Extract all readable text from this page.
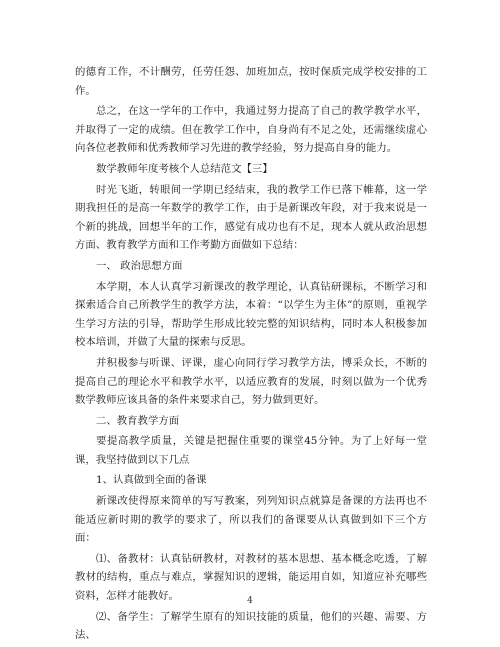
的德育工作，不计酬劳，任劳任怨、加班加点，按时保质完成学校安排的工作。

总之，在这一学年的工作中，我通过努力提高了自己的教学教学水平，并取得了一定的成绩。但在教学工作中，自身尚有不足之处，还需继续虚心向各位老教师和优秀教师学习先进的教学经验，努力提高自身的能力。

数学教师年度考核个人总结范文【三】

时光飞逝，转眼间一学期已经结束，我的教学工作已落下帷幕，这一学期我担任的是高一年数学的教学工作，由于是新课改年段，对于我来说是一个新的挑战，回想半年的工作，感觉有成功也有不足，现本人就从政治思想方面、教育教学方面和工作考勤方面做如下总结：

一、 政治思想方面

本学期，本人认真学习新课改的教学理论，认真钻研课标，不断学习和探索适合自己所教学生的教学方法，本着：“以学生为主体”的原则，重视学生学习方法的引导，帮助学生形成比较完整的知识结构，同时本人积极参加校本培训，并做了大量的探索与反思。

并积极参与听课、评课，虚心向同行学习教学方法，博采众长，不断的提高自己的理论水平和教学水平，以适应教育的发展，时刻以做为一个优秀数学教师应该具备的条件来要求自己，努力做到更好。

二、教育教学方面

要提高教学质量，关键是把握住重要的课堂45分钟。为了上好每一堂课，我坚持做到以下几点

1、认真做到全面的备课

新课改使得原来简单的写写教案，列列知识点就算是备课的方法再也不能适应新时期的教学的要求了，所以我们的备课要从认真做到如下三个方面：

⑴、备教材：认真钻研教材，对教材的基本思想、基本概念吃透，了解教材的结构，重点与难点，掌握知识的逻辑，能运用自如，知道应补充哪些资料，怎样才能教好。

⑵、备学生：了解学生原有的知识技能的质量，他们的兴趣、需要、方法、

4
